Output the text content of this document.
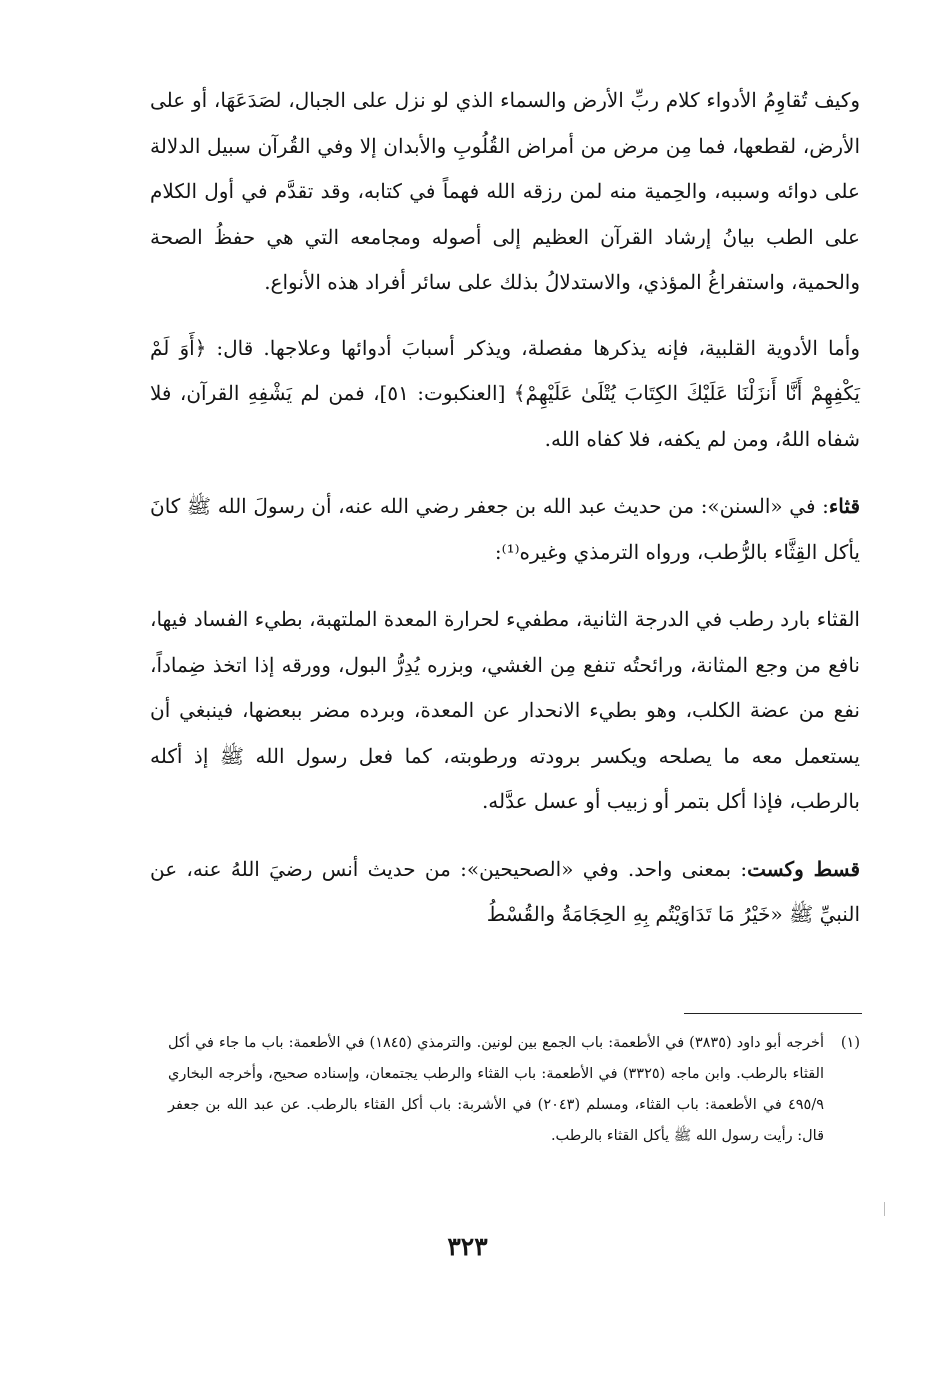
وكيف تُقاوِمُ الأدواء كلام ربِّ الأرض والسماء الذي لو نزل على الجبال، لصَدَعَهَا، أو على الأرض، لقطعها، فما مِن مرض من أمراض القُلُوبِ والأبدان إلا وفي القُرآن سبيل الدلالة على دوائه وسببه، والحِمية منه لمن رزقه الله فهماً في كتابه، وقد تقدَّم في أول الكلام على الطب بيانُ إرشاد القرآن العظيم إلى أصوله ومجامعه التي هي حفظُ الصحة والحمية، واستفراغُ المؤذي، والاستدلالُ بذلك على سائر أفراد هذه الأنواع.

وأما الأدوية القلبية، فإنه يذكرها مفصلة، ويذكر أسبابَ أدوائها وعلاجها. قال: ﴿أَوَ لَمْ يَكْفِهِمْ أَنَّا أَنزَلْنَا عَلَيْكَ الكِتَابَ يُتْلَىٰ عَلَيْهِمْ﴾ [العنكبوت: ٥١]، فمن لم يَشْفِهِ القرآن، فلا شفاه اللهُ، ومن لم يكفه، فلا كفاه الله.

قثاء: في «السنن»: من حديث عبد الله بن جعفر رضي الله عنه، أن رسولَ الله ﷺ كانَ يأكل القِثَّاء بالرُّطب، ورواه الترمذي وغيره⁽¹⁾:

القثاء بارد رطب في الدرجة الثانية، مطفيء لحرارة المعدة الملتهبة، بطيء الفساد فيها، نافع من وجع المثانة، ورائحتُه تنفع مِن الغشي، وبزره يُدِرُّ البول، وورقه إذا اتخذ ضِماداً، نفع من عضة الكلب، وهو بطيء الانحدار عن المعدة، وبرده مضر ببعضها، فينبغي أن يستعمل معه ما يصلحه ويكسر برودته ورطوبته، كما فعل رسول الله ﷺ إذ أكله بالرطب، فإذا أكل بتمر أو زبيب أو عسل عدَّله.

قسط وكست: بمعنى واحد. وفي «الصحيحين»: من حديث أنس رضيَ اللهُ عنه، عن النبيِّ ﷺ «خَيْرُ مَا تَدَاوَيْتُم بِهِ الحِجَامَةُ والقُسْطُ

(١)
أخرجه أبو داود (٣٨٣٥) في الأطعمة: باب الجمع بين لونين. والترمذي (١٨٤٥) في الأطعمة: باب ما جاء في أكل القثاء بالرطب. وابن ماجه (٣٣٢٥) في الأطعمة: باب القثاء والرطب يجتمعان، وإسناده صحيح، وأخرجه البخاري ٤٩٥/٩ في الأطعمة: باب القثاء، ومسلم (٢٠٤٣) في الأشربة: باب أكل القثاء بالرطب. عن عبد الله بن جعفر قال: رأيت رسول الله ﷺ يأكل القثاء بالرطب.
٣٢٣
